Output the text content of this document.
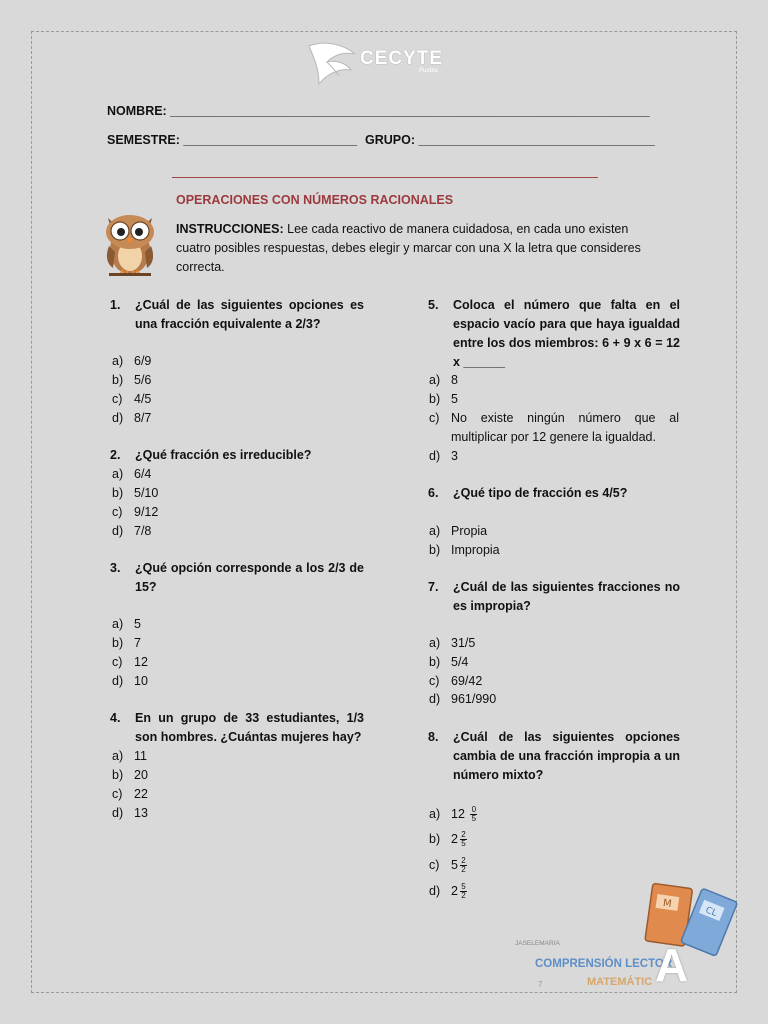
CECYTE
Puebla
NOMBRE: _____________________________________________________________________
SEMESTRE: _________________________ GRUPO: __________________________________
OPERACIONES CON NÚMEROS RACIONALES
INSTRUCCIONES: Lee cada reactivo de manera cuidadosa, en cada uno existen cuatro posibles respuestas, debes elegir y marcar con una X la letra que consideres correcta.
1. ¿Cuál de las siguientes opciones es una fracción equivalente a 2/3?
a) 6/9
b) 5/6
c) 4/5
d) 8/7
2. ¿Qué fracción es irreducible?
a) 6/4
b) 5/10
c) 9/12
d) 7/8
3. ¿Qué opción corresponde a los 2/3 de 15?
a) 5
b) 7
c) 12
d) 10
4. En un grupo de 33 estudiantes, 1/3 son hombres. ¿Cuántas mujeres hay?
a) 11
b) 20
c) 22
d) 13
5. Coloca el número que falta en el espacio vacío para que haya igualdad entre los dos miembros: 6 + 9 x 6 = 12 x ______
a) 8
b) 5
c) No existe ningún número que al multiplicar por 12 genere la igualdad.
d) 3
6. ¿Qué tipo de fracción es 4/5?
a) Propia
b) Impropia
7. ¿Cuál de las siguientes fracciones no es impropia?
a) 31/5
b) 5/4
c) 69/42
d) 961/990
8. ¿Cuál de las siguientes opciones cambia de una fracción impropia a un número mixto?
a) 12
$\frac{0}{5}$
b) $2 \frac{2}{5}$
c) $5 \frac{2}{2}$
d) $2 \frac{5}{2}$
M
CL
JASELEMARIA
COMPRENSIÓN LECTOR
MATEMÁTIC A
7
